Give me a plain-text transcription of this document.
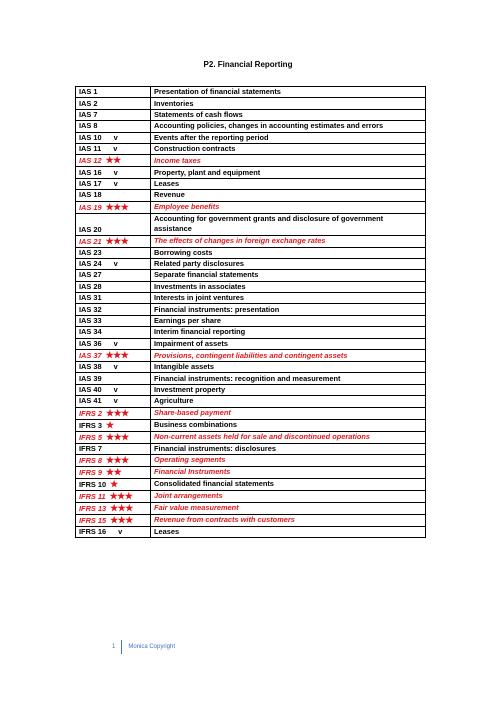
P2. Financial Reporting
IAS 1	Presentation of financial statements
IAS 2	Inventories
IAS 7	Statements of cash flows
IAS 8	Accounting policies, changes in accounting estimates and errors
IAS 10 v	Events after the reporting period
IAS 11 v	Construction contracts
IAS 12 ★★	Income taxes
IAS 16 v	Property, plant and equipment
IAS 17 v	Leases
IAS 18	Revenue
IAS 19 ★★★	Employee benefits
IAS 20	Accounting for government grants and disclosure of government assistance
IAS 21 ★★★	The effects of changes in foreign exchange rates
IAS 23	Borrowing costs
IAS 24 v	Related party disclosures
IAS 27	Separate financial statements
IAS 28	Investments in associates
IAS 31	Interests in joint ventures
IAS 32	Financial instruments: presentation
IAS 33	Earnings per share
IAS 34	Interim financial reporting
IAS 36 v	Impairment of assets
IAS 37 ★★★	Provisions, contingent liabilities and contingent assets
IAS 38 v	Intangible assets
IAS 39	Financial instruments: recognition and measurement
IAS 40 v	Investment property
IAS 41 v	Agriculture
IFRS 2 ★★★	Share-based payment
IFRS 3 ★	Business combinations
IFRS 5 ★★★	Non-current assets held for sale and discontinued operations
IFRS 7	Financial instruments: disclosures
IFRS 8 ★★★	Operating segments
IFRS 9 ★★	Financial Instruments
IFRS 10 ★	Consolidated financial statements
IFRS 11 ★★★	Joint arrangements
IFRS 13 ★★★	Fair value measurement
IFRS 15 ★★★	Revenue from contracts with customers
IFRS 16 v	Leases
1 Monica Copyright
